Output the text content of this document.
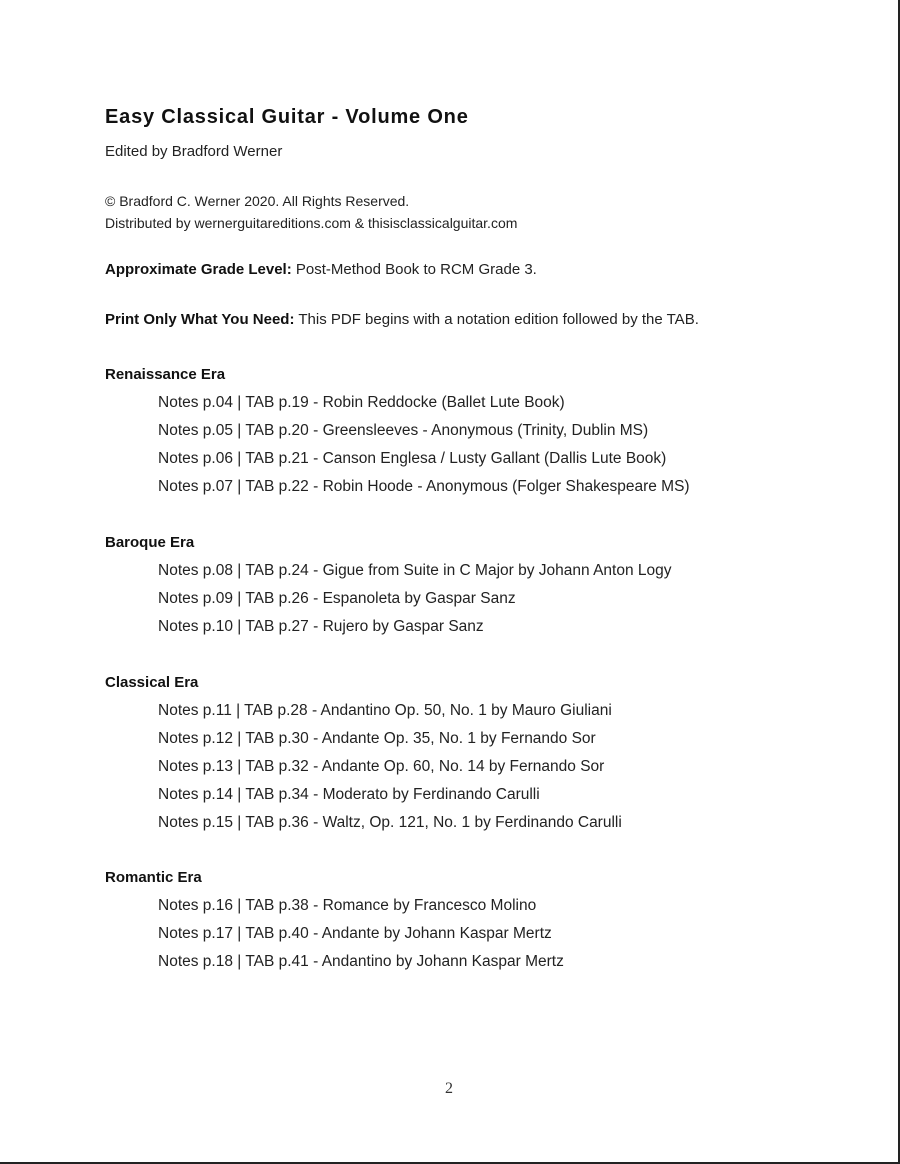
Easy Classical Guitar - Volume One
Edited by Bradford Werner
© Bradford C. Werner 2020. All Rights Reserved.
Distributed by wernerguitareditions.com & thisisclassicalguitar.com
Approximate Grade Level: Post-Method Book to RCM Grade 3.
Print Only What You Need: This PDF begins with a notation edition followed by the TAB.
Renaissance Era
Notes p.04 | TAB p.19 - Robin Reddocke (Ballet Lute Book)
Notes p.05 | TAB p.20 - Greensleeves - Anonymous (Trinity, Dublin MS)
Notes p.06 | TAB p.21 - Canson Englesa / Lusty Gallant (Dallis Lute Book)
Notes p.07 | TAB p.22 - Robin Hoode - Anonymous (Folger Shakespeare MS)
Baroque Era
Notes p.08 | TAB p.24 - Gigue from Suite in C Major by Johann Anton Logy
Notes p.09 | TAB p.26 - Espanoleta by Gaspar Sanz
Notes p.10 | TAB p.27 - Rujero by Gaspar Sanz
Classical Era
Notes p.11 | TAB p.28 - Andantino Op. 50, No. 1 by Mauro Giuliani
Notes p.12 | TAB p.30 - Andante Op. 35, No. 1 by Fernando Sor
Notes p.13 | TAB p.32 - Andante Op. 60, No. 14 by Fernando Sor
Notes p.14 | TAB p.34 - Moderato by Ferdinando Carulli
Notes p.15 | TAB p.36 - Waltz, Op. 121, No. 1 by Ferdinando Carulli
Romantic Era
Notes p.16 | TAB p.38 - Romance by Francesco Molino
Notes p.17 | TAB p.40 - Andante by Johann Kaspar Mertz
Notes p.18 | TAB p.41 - Andantino by Johann Kaspar Mertz
2
